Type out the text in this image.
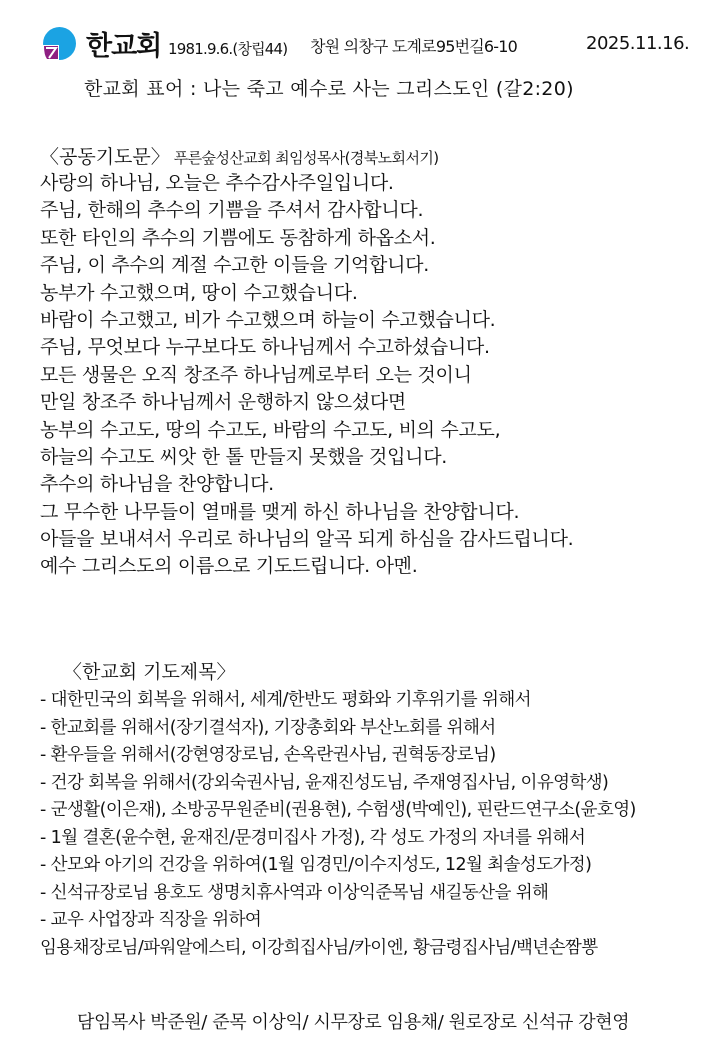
한교회 1981.9.6.(창립44) 창원 의창구 도계로95번길6-10	2025.11.16.
한교회 표어 : 나는 죽고 예수로 사는 그리스도인 (갈2:20)
〈공동기도문〉 푸른숲성산교회 최임성목사(경북노회서기)
사랑의 하나님, 오늘은 추수감사주일입니다.
주님, 한해의 추수의 기쁨을 주셔서 감사합니다.
또한 타인의 추수의 기쁨에도 동참하게 하옵소서.
주님, 이 추수의 계절 수고한 이들을 기억합니다.
농부가 수고했으며, 땅이 수고했습니다.
바람이 수고했고, 비가 수고했으며 하늘이 수고했습니다.
주님, 무엇보다 누구보다도 하나님께서 수고하셨습니다.
모든 생물은 오직 창조주 하나님께로부터 오는 것이니
만일 창조주 하나님께서 운행하지 않으셨다면
농부의 수고도, 땅의 수고도, 바람의 수고도, 비의 수고도,
하늘의 수고도 씨앗 한 톨 만들지 못했을 것입니다.
추수의 하나님을 찬양합니다.
그 무수한 나무들이 열매를 맺게 하신 하나님을 찬양합니다.
아들을 보내셔서 우리로 하나님의 알곡 되게 하심을 감사드립니다.
예수 그리스도의 이름으로 기도드립니다. 아멘.
〈한교회 기도제목〉
- 대한민국의 회복을 위해서, 세계/한반도 평화와 기후위기를 위해서
- 한교회를 위해서(장기결석자), 기장총회와 부산노회를 위해서
- 환우들을 위해서(강현영장로님, 손옥란권사님, 권혁동장로님)
- 건강 회복을 위해서(강외숙권사님, 윤재진성도님, 주재영집사님, 이유영학생)
- 군생활(이은재), 소방공무원준비(권용현), 수험생(박예인), 핀란드연구소(윤호영)
- 1월 결혼(윤수현, 윤재진/문경미집사 가정), 각 성도 가정의 자녀를 위해서
- 산모와 아기의 건강을 위하여(1월 임경민/이수지성도, 12월 최솔성도가정)
- 신석규장로님 용호도 생명치휴사역과 이상익준목님 새길동산을 위해
- 교우 사업장과 직장을 위하여
임용채장로님/파워알에스티, 이강희집사님/카이엔, 황금령집사님/백년손짬뽕
담임목사 박준원/ 준목 이상익/ 시무장로 임용채/ 원로장로 신석규 강현영
